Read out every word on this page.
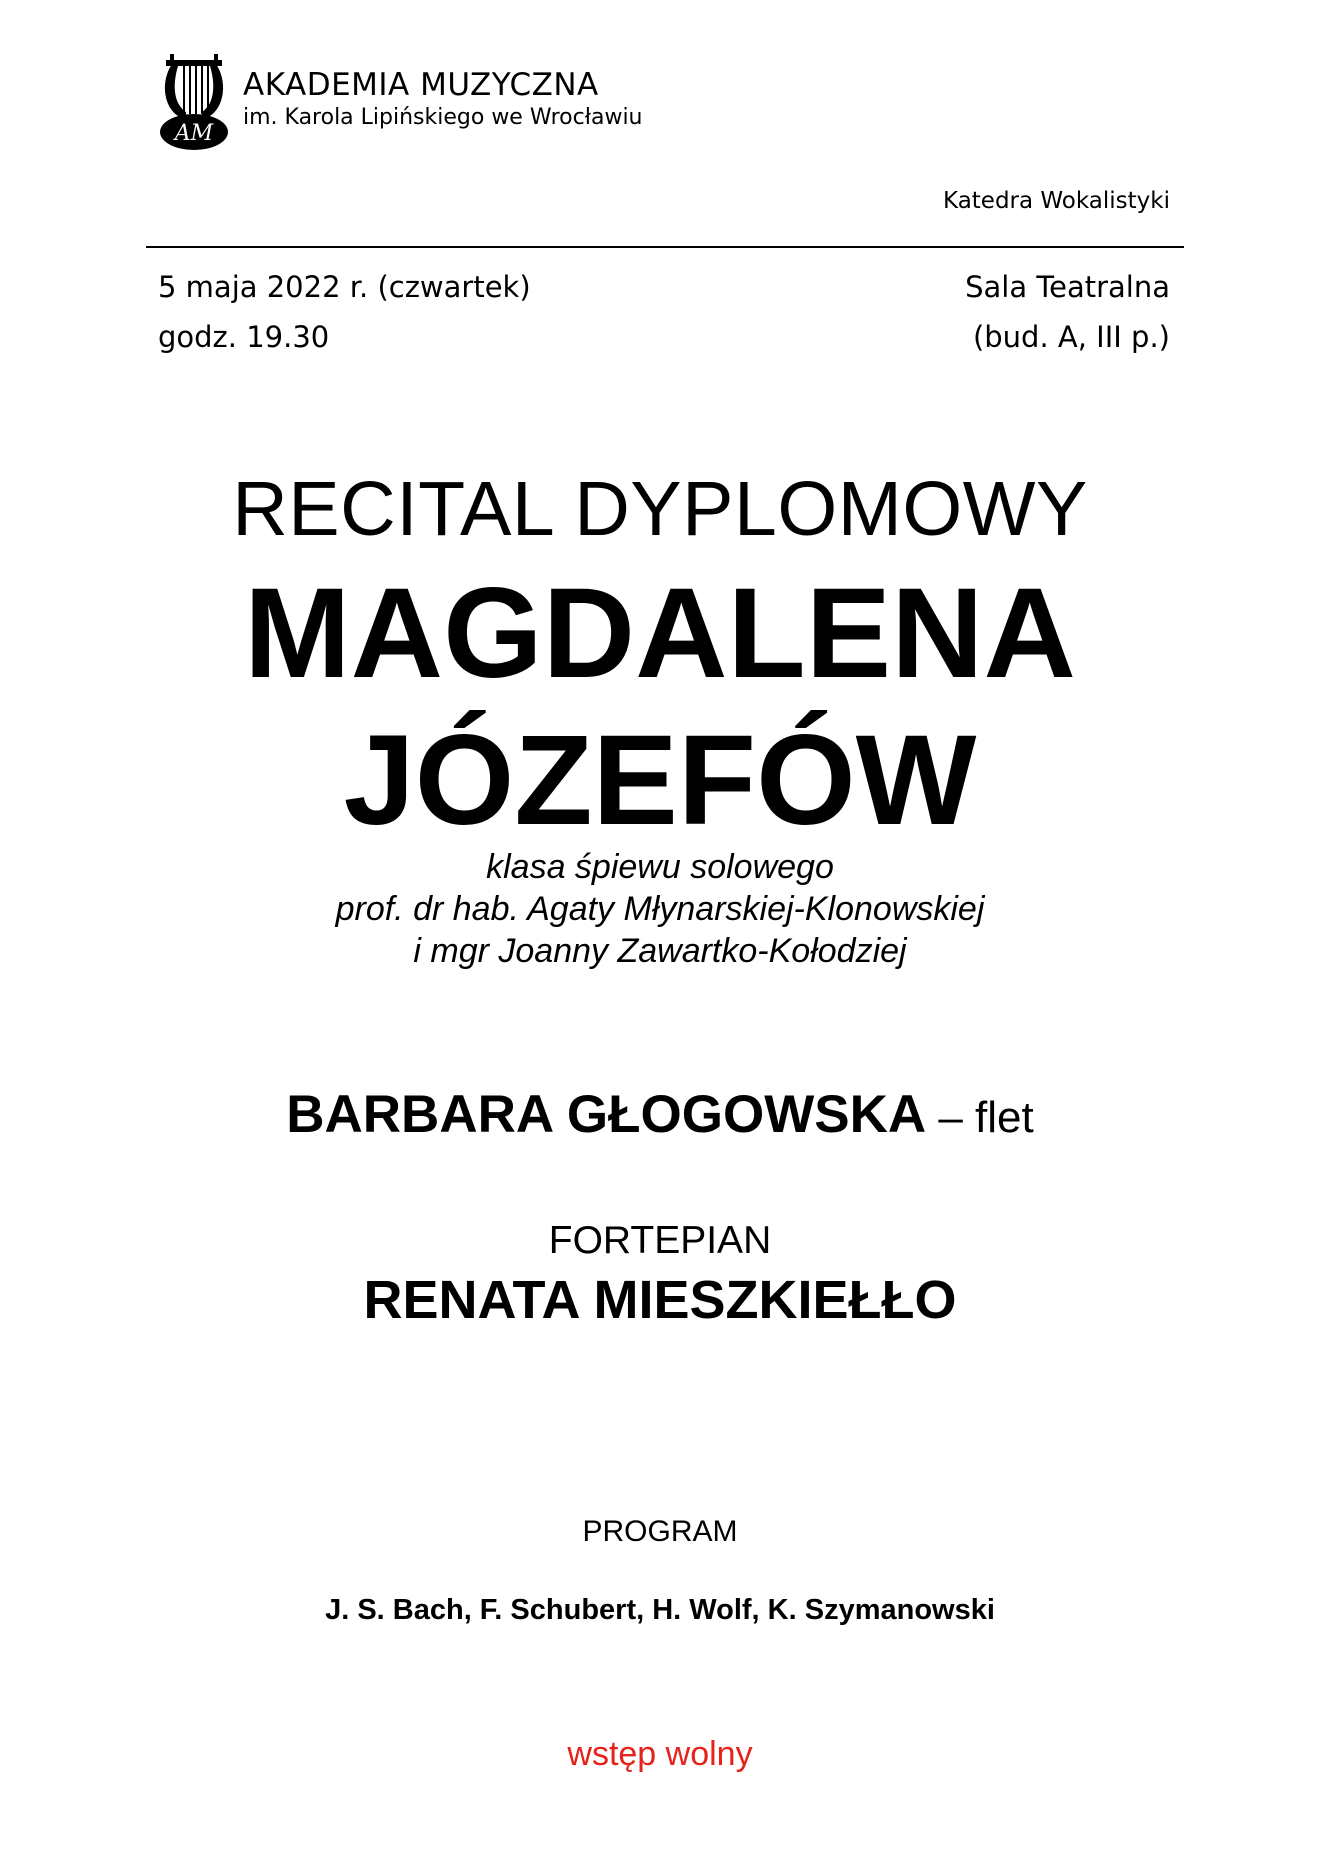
AM
AKADEMIA MUZYCZNA
im. Karola Lipińskiego we Wrocławiu
Katedra Wokalistyki
5 maja 2022 r. (czwartek)
godz. 19.30
Sala Teatralna
(bud. A, III p.)
RECITAL DYPLOMOWY
MAGDALENA
JÓZEFÓW
klasa śpiewu solowego
prof. dr hab. Agaty Młynarskiej-Klonowskiej
i mgr Joanny Zawartko-Kołodziej
BARBARA GŁOGOWSKA – flet
FORTEPIAN
RENATA MIESZKIEŁŁO
PROGRAM
J. S. Bach, F. Schubert, H. Wolf, K. Szymanowski
wstęp wolny
